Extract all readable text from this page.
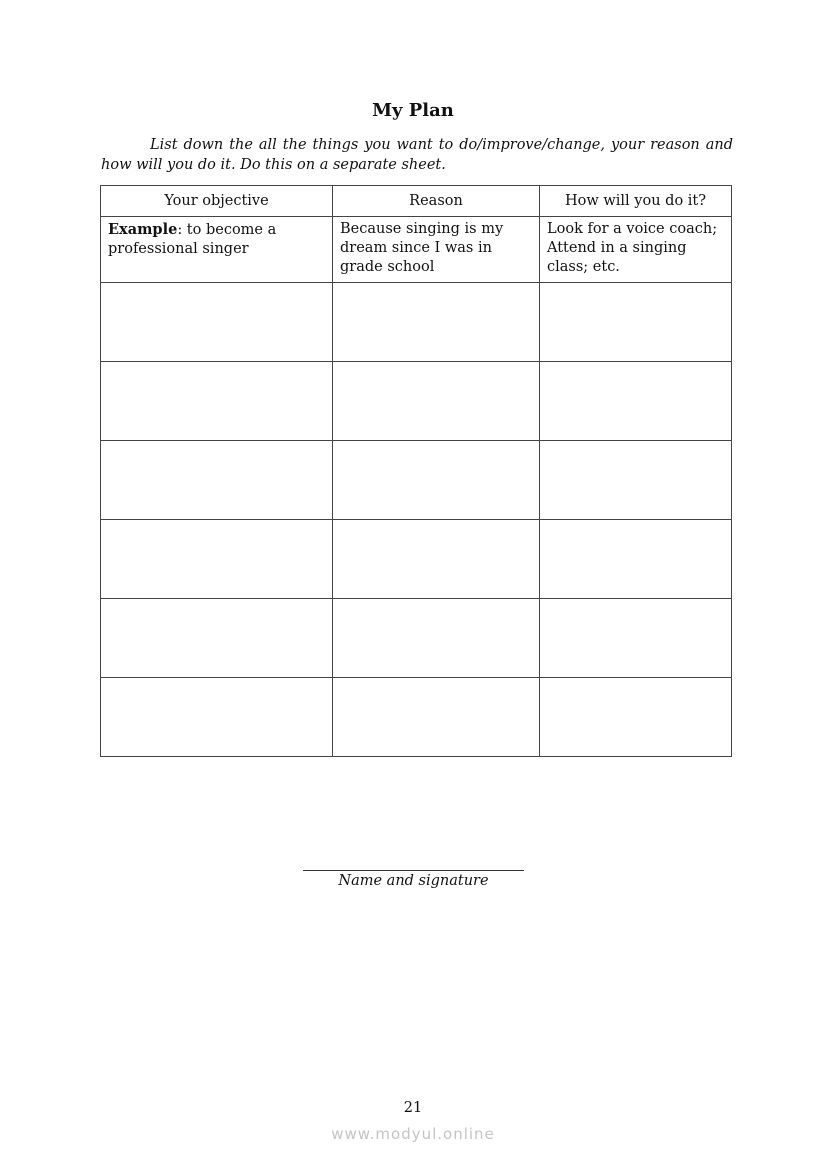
My Plan

List down the all the things you want to do/improve/change, your reason and how will you do it. Do this on a separate sheet.

Your objective	Reason	How will you do it?
Example: to become a professional singer	Because singing is my dream since I was in grade school	Look for a voice coach; Attend in a singing class; etc.

Name and signature
21
www.modyul.online
